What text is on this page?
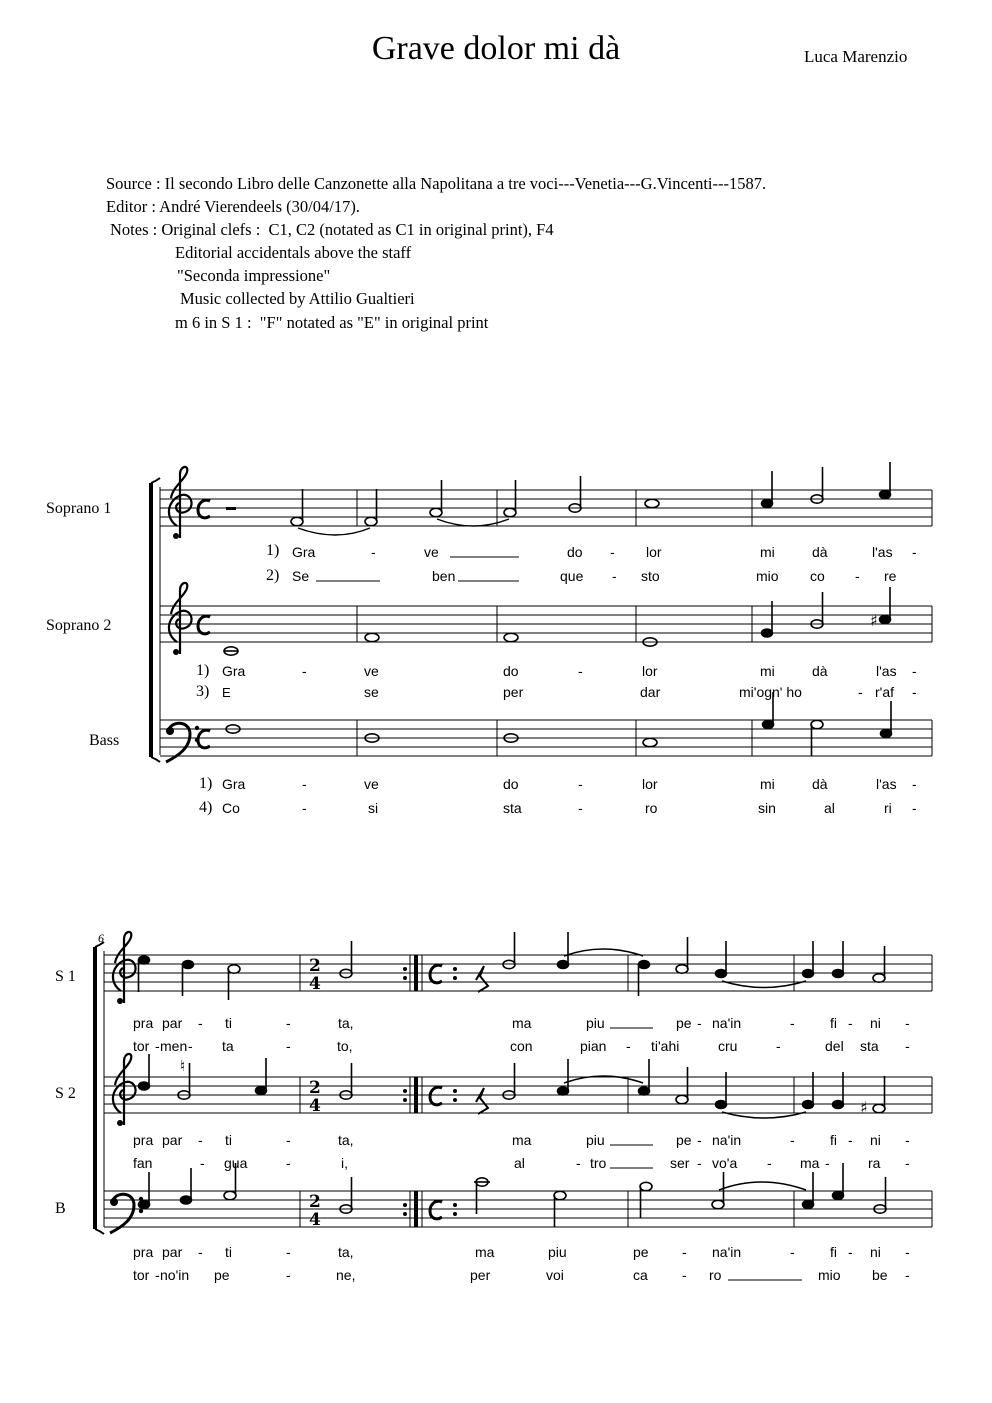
Grave dolor mi dà	Luca Marenzio
Source : Il secondo Libro delle Canzonette alla Napolitana a tre voci---Venetia---G.Vincenti---1587.
Editor : André Vierendeels (30/04/17).
Notes : Original clefs :  C1, C2 (notated as C1 in original print), F4
Editorial accidentals above the staff
"Seconda impressione"
Music collected by Attilio Gualtieri
m 6 in S 1 :  "F" notated as "E" in original print
Soprano 1
Soprano 2
Bass
♯
1)
2)
Gra	-	ve	do - lor	mi	dà	l'as -
Se	ben	que - sto	mio co - re
1)
3)
Gra	-	ve	do	-	lor	mi	dà	l'as -
E	se	per	dar	mi'ogn' ho	- r'af -
1)
4)
Gra	-	ve	do	-	lor	mi	dà	l'as -
Co	-	si	sta	-	ro	sin	al	ri -
6
S 1
S 2
B
2
4
2
4
2
4
♯
♮
pra par - ti	-	ta,	ma	piu	pe - na'in	-	fi - ni -
tor - men - ta	-	to,	con	pian - ti'ahi	cru	-	del sta -
pra par - ti	-	ta,	ma	piu	pe - na'in	-	fi - ni -
fan	- gua	-	i,	al	- tro	ser - vo'a - ma -	ra -
pra par - ti	-	ta,	ma	piu	pe - na'in	-	fi - ni -
tor - no'in pe	-	ne,	per	voi	ca - ro	mio be -
